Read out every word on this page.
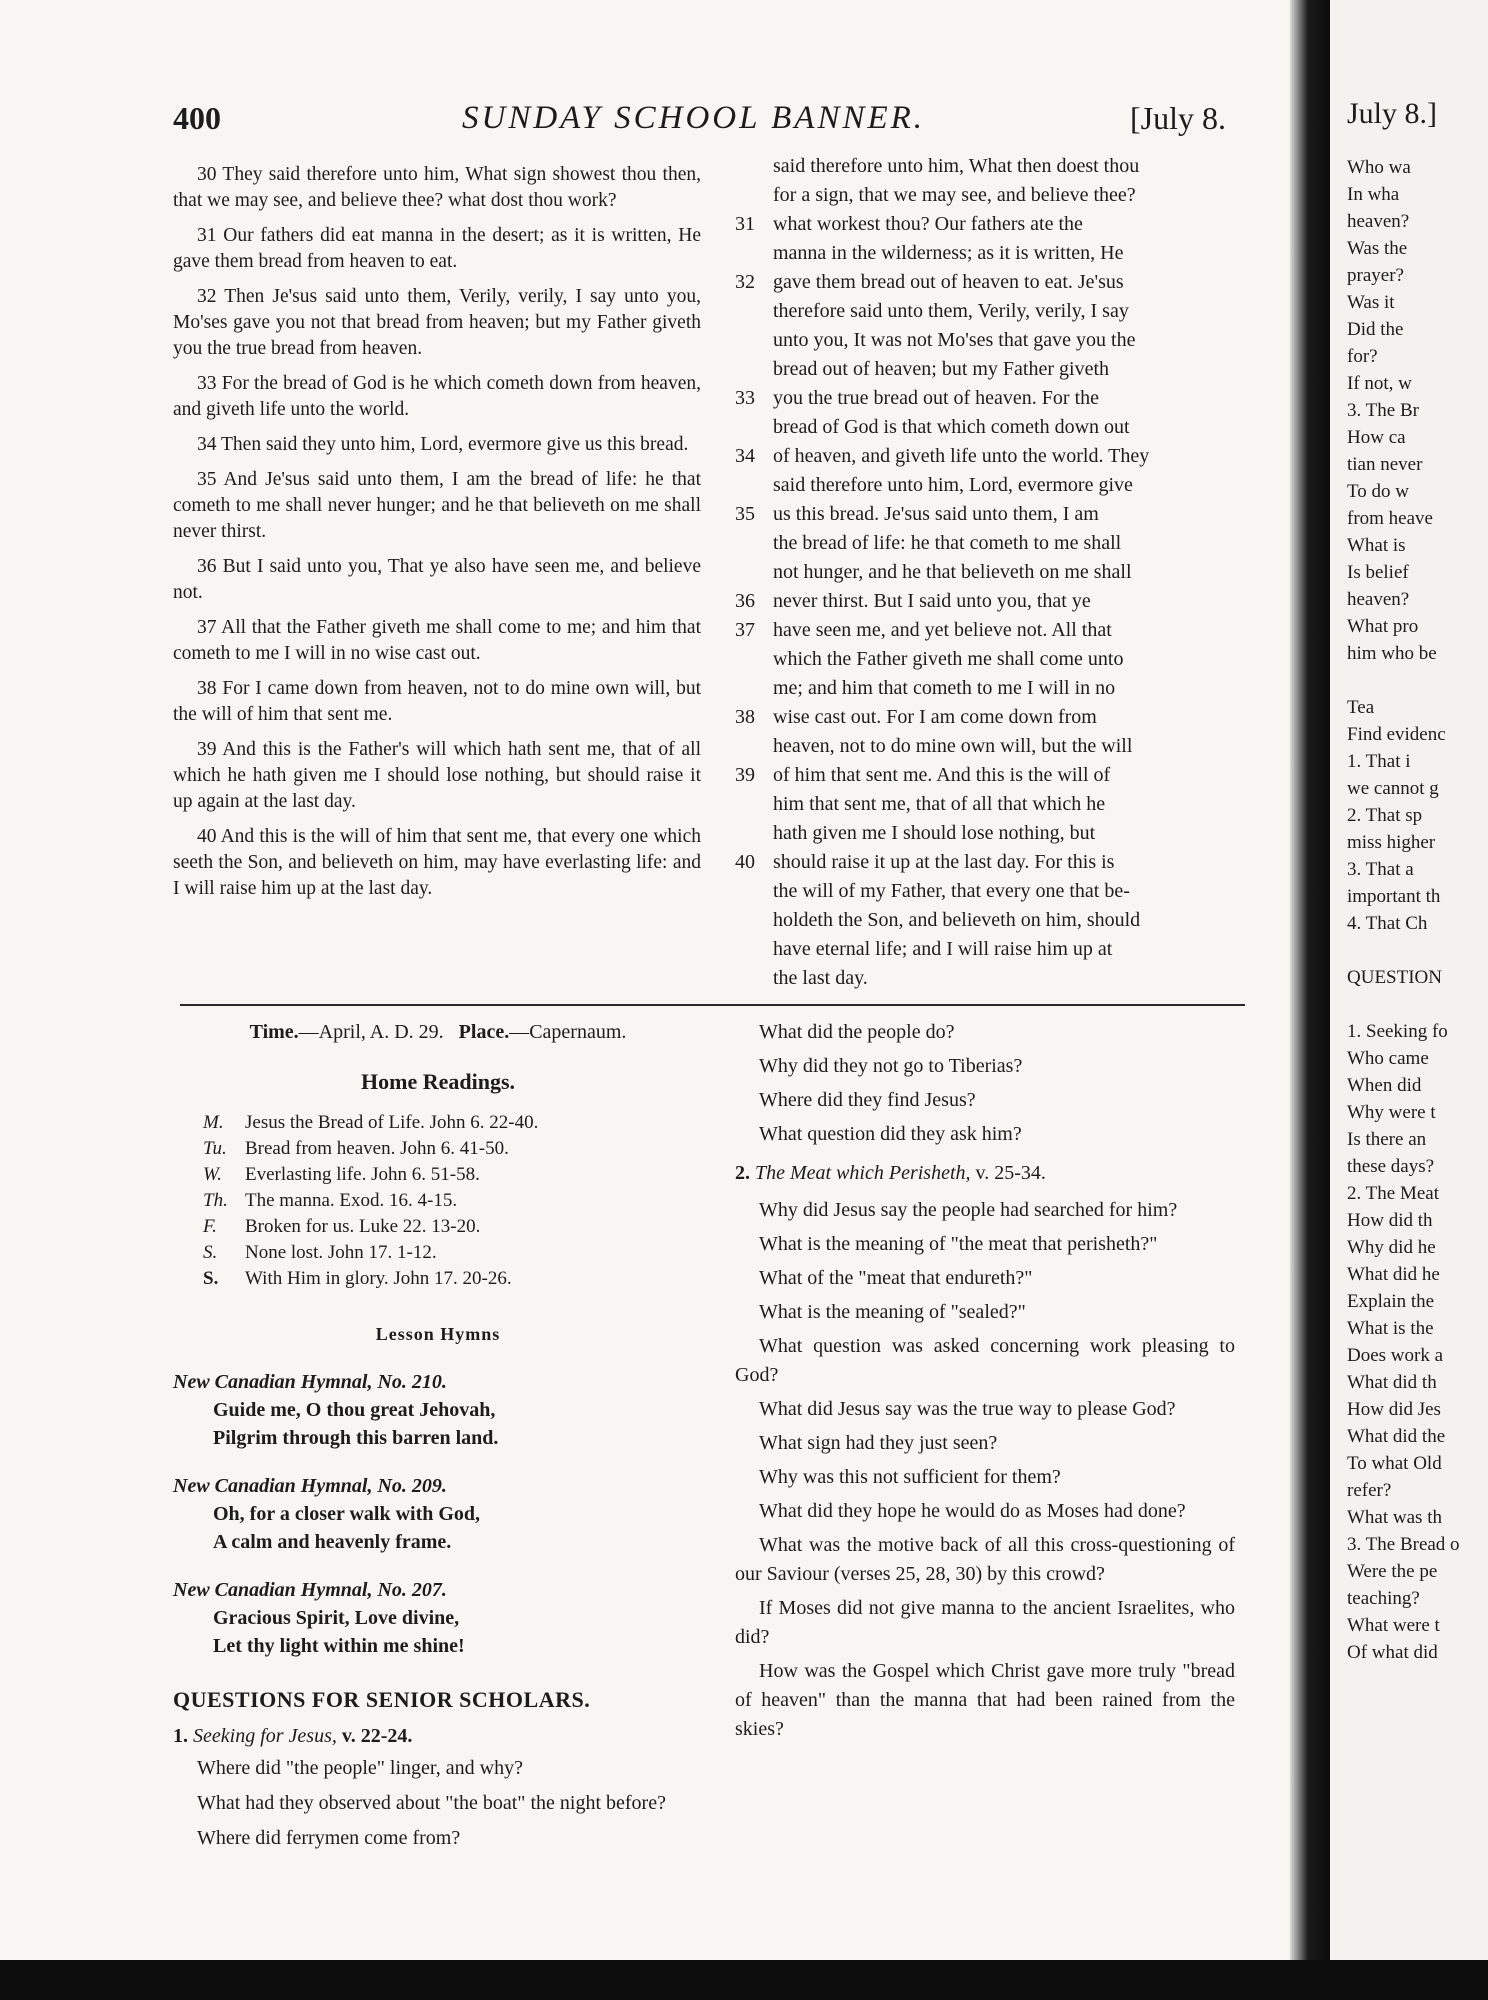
400	SUNDAY SCHOOL BANNER.	[July 8.

30 They said therefore unto him, What sign showest thou then, that we may see, and believe thee? what dost thou work?

31 Our fathers did eat manna in the desert; as it is written, He gave them bread from heaven to eat.

32 Then Je'sus said unto them, Verily, verily, I say unto you, Mo'ses gave you not that bread from heaven; but my Father giveth you the true bread from heaven.

33 For the bread of God is he which cometh down from heaven, and giveth life unto the world.

34 Then said they unto him, Lord, evermore give us this bread.

35 And Je'sus said unto them, I am the bread of life: he that cometh to me shall never hunger; and he that believeth on me shall never thirst.

36 But I said unto you, That ye also have seen me, and believe not.

37 All that the Father giveth me shall come to me; and him that cometh to me I will in no wise cast out.

38 For I came down from heaven, not to do mine own will, but the will of him that sent me.

39 And this is the Father's will which hath sent me, that of all which he hath given me I should lose nothing, but should raise it up again at the last day.

40 And this is the will of him that sent me, that every one which seeth the Son, and believeth on him, may have everlasting life: and I will raise him up at the last day.

said therefore unto him, What then doest thou
for a sign, that we may see, and believe thee?
31 what workest thou? Our fathers ate the
manna in the wilderness; as it is written, He
32 gave them bread out of heaven to eat. Je'sus
therefore said unto them, Verily, verily, I say
unto you, It was not Mo'ses that gave you the
bread out of heaven; but my Father giveth
33 you the true bread out of heaven. For the
bread of God is that which cometh down out
34 of heaven, and giveth life unto the world. They
said therefore unto him, Lord, evermore give
35 us this bread. Je'sus said unto them, I am
the bread of life: he that cometh to me shall
not hunger, and he that believeth on me shall
36 never thirst. But I said unto you, that ye
37 have seen me, and yet believe not. All that
which the Father giveth me shall come unto
me; and him that cometh to me I will in no
38 wise cast out. For I am come down from
heaven, not to do mine own will, but the will
39 of him that sent me. And this is the will of
him that sent me, that of all that which he
hath given me I should lose nothing, but
40 should raise it up at the last day. For this is
the will of my Father, that every one that be-
holdeth the Son, and believeth on him, should
have eternal life; and I will raise him up at
the last day.
Time.—April, A. D. 29. Place.—Capernaum.
Home Readings.
M.	Jesus the Bread of Life. John 6. 22-40.
Tu. Bread from heaven. John 6. 41-50.
W.	Everlasting life. John 6. 51-58.
Th. The manna. Exod. 16. 4-15.
F.	Broken for us. Luke 22. 13-20.
S.	None lost. John 17. 1-12.
S.	With Him in glory. John 17. 20-26.
Lesson Hymns
New Canadian Hymnal, No. 210.
Guide me, O thou great Jehovah,
Pilgrim through this barren land.
New Canadian Hymnal, No. 209.
Oh, for a closer walk with God,
A calm and heavenly frame.
New Canadian Hymnal, No. 207.
Gracious Spirit, Love divine,
Let thy light within me shine!
QUESTIONS FOR SENIOR SCHOLARS.
1. Seeking for Jesus, v. 22-24.
Where did "the people" linger, and why?
What had they observed about "the boat" the night before?
Where did ferrymen come from?
What did the people do?
Why did they not go to Tiberias?
Where did they find Jesus?
What question did they ask him?
2. The Meat which Perisheth, v. 25-34.
Why did Jesus say the people had searched for him?
What is the meaning of "the meat that perisheth?"
What of the "meat that endureth?"
What is the meaning of "sealed?"
What question was asked concerning work pleasing to God?
What did Jesus say was the true way to please God?
What sign had they just seen?
Why was this not sufficient for them?
What did they hope he would do as Moses had done?
What was the motive back of all this cross-questioning of our Saviour (verses 25, 28, 30) by this crowd?
If Moses did not give manna to the ancient Israelites, who did?
How was the Gospel which Christ gave more truly "bread of heaven" than the manna that had been rained from the skies?
July 8.]
Who wa
In wha
heaven?
Was the
prayer?
Was it
Did the
for?
If not, w
3. The Br
How ca
tian never
To do w
from heave
What is
Is belief
heaven?
What pro
him who be
Tea
Find evidenc
1. That i
we cannot g
2. That sp
miss higher
3. That a
important th
4. That Ch
QUESTION
1. Seeking fo
Who came
When did
Why were t
Is there an
these days?
2. The Meat
How did th
Why did he
What did he
Explain the
What is the
Does work a
What did th
How did Jes
What did the
To what Old
refer?
What was th
3. The Bread o
Were the pe
teaching?
What were t
Of what did
